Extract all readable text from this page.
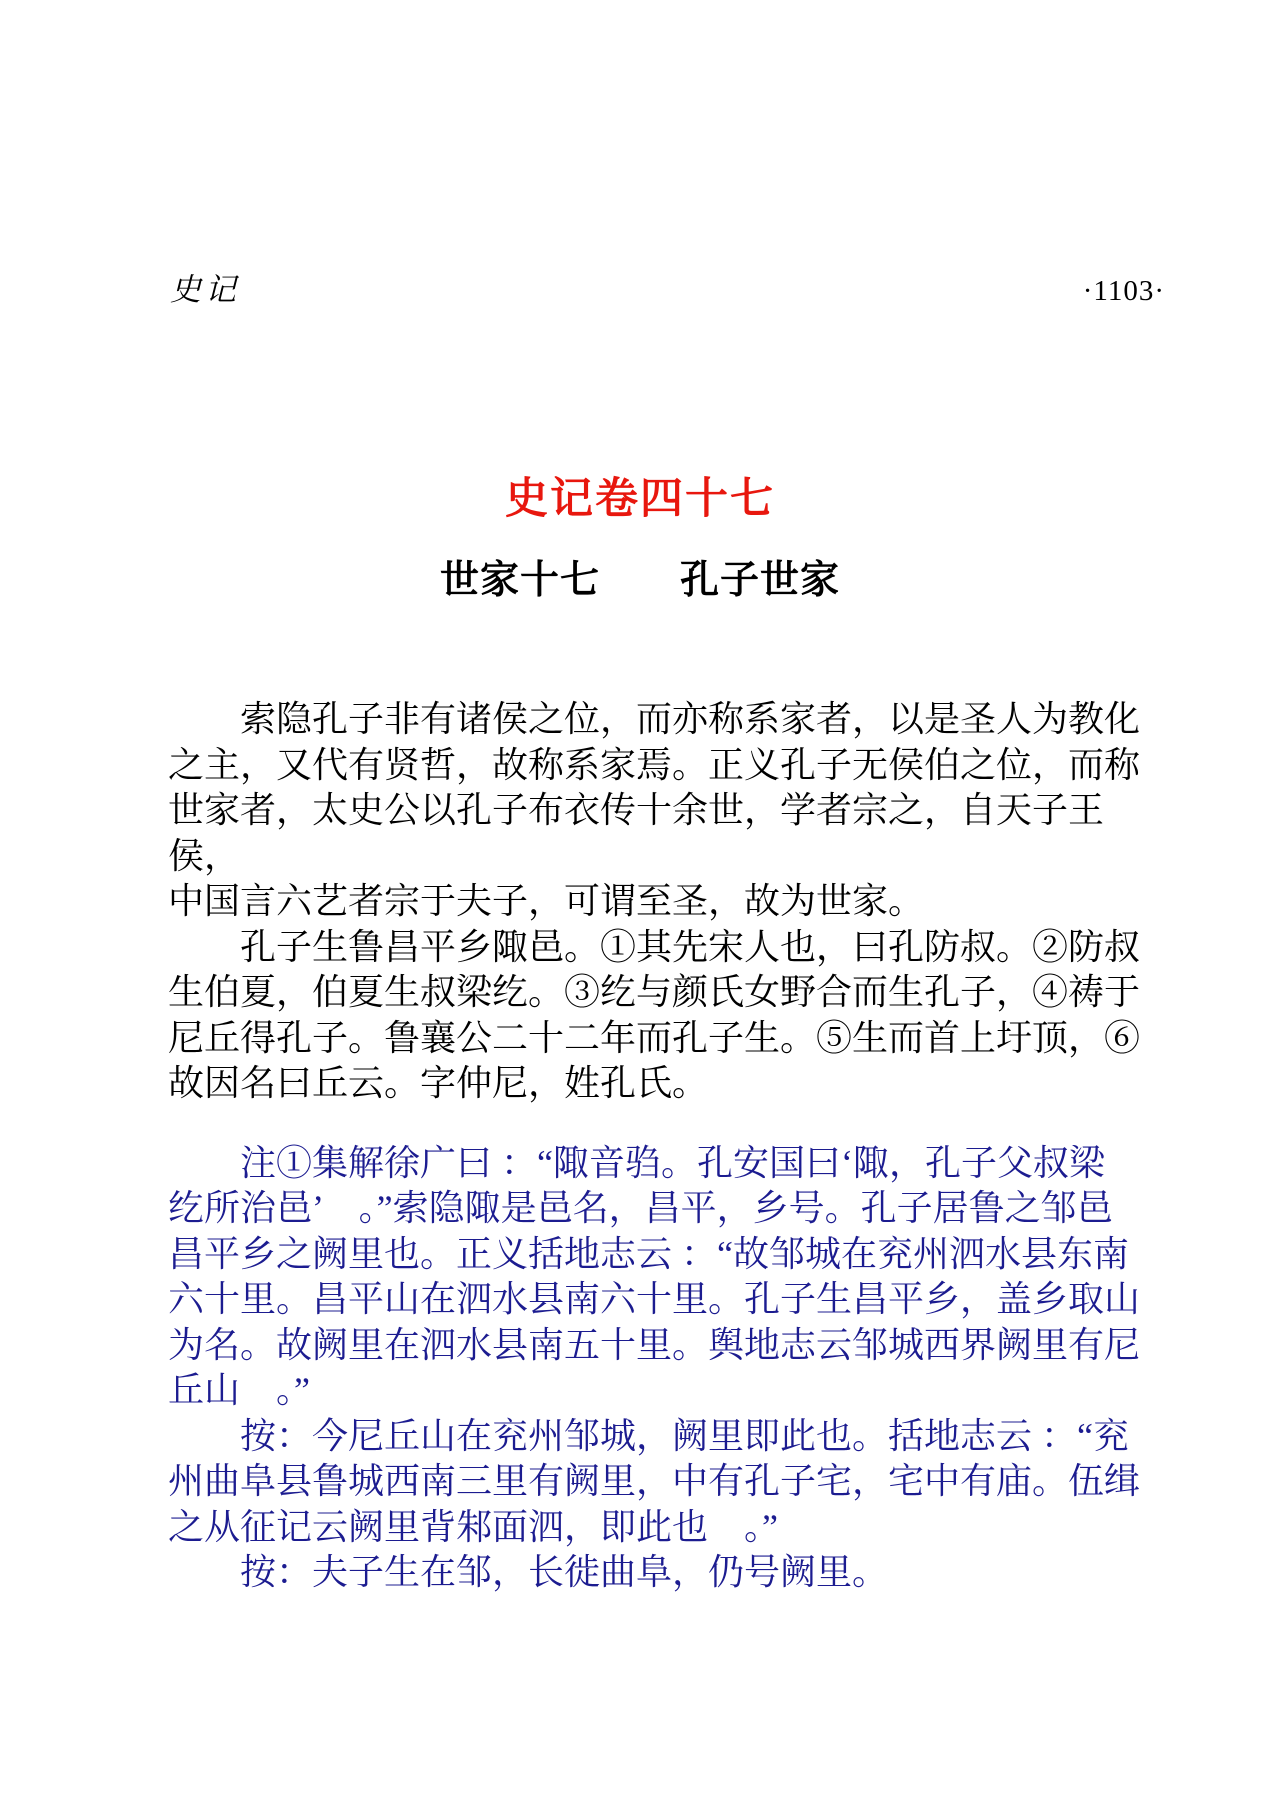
史记	·1103·
史记卷四十七
世家十七　　孔子世家
　　索隐孔子非有诸侯之位，而亦称系家者，以是圣人为教化
之主，又代有贤哲，故称系家焉。正义孔子无侯伯之位，而称
世家者，太史公以孔子布衣传十余世，学者宗之，自天子王侯，
中国言六艺者宗于夫子，可谓至圣，故为世家。
　　孔子生鲁昌平乡陬邑。①其先宋人也，曰孔防叔。②防叔
生伯夏，伯夏生叔梁纥。③纥与颜氏女野合而生孔子，④祷于
尼丘得孔子。鲁襄公二十二年而孔子生。⑤生而首上圩顶，⑥
故因名曰丘云。字仲尼，姓孔氏。
　　注①集解徐广曰 ：“陬音驺。孔安国曰‘陬，孔子父叔梁
纥所治邑’　。”索隐陬是邑名，昌平，乡号。孔子居鲁之邹邑
昌平乡之阙里也。正义括地志云 ：“故邹城在兖州泗水县东南
六十里。昌平山在泗水县南六十里。孔子生昌平乡，盖乡取山
为名。故阙里在泗水县南五十里。舆地志云邹城西界阙里有尼
丘山　。”
　　按：今尼丘山在兖州邹城，阙里即此也。括地志云 ：“兖
州曲阜县鲁城西南三里有阙里，中有孔子宅，宅中有庙。伍缉
之从征记云阙里背邾面泗，即此也　。”
　　按：夫子生在邹，长徙曲阜，仍号阙里。
